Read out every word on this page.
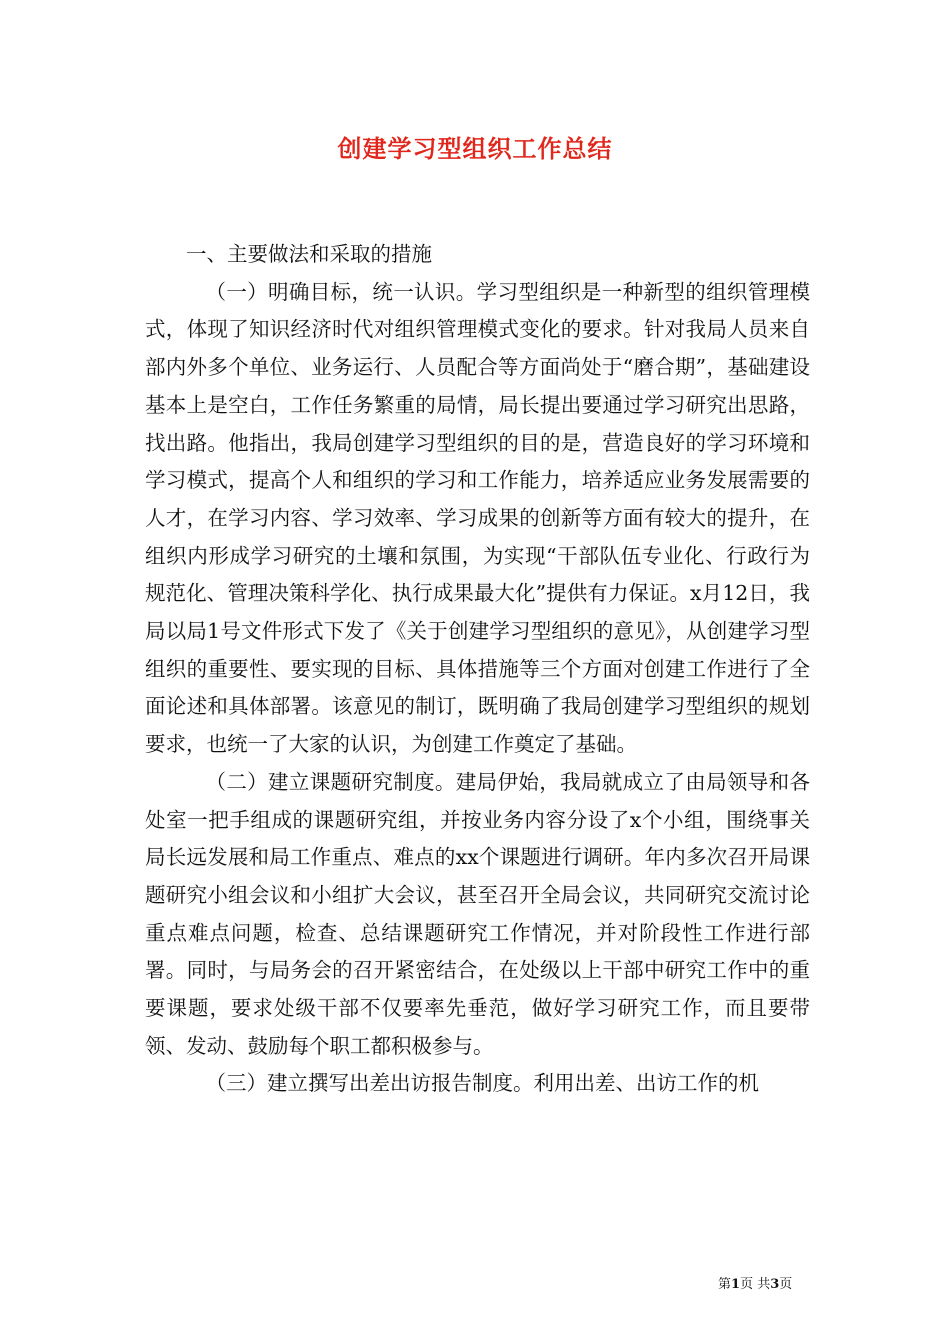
创建学习型组织工作总结

一、主要做法和采取的措施

（一）明确目标，统一认识。学习型组织是一种新型的组织管理模式，体现了知识经济时代对组织管理模式变化的要求。针对我局人员来自部内外多个单位、业务运行、人员配合等方面尚处于“磨合期”，基础建设基本上是空白，工作任务繁重的局情，局长提出要通过学习研究出思路，找出路。他指出，我局创建学习型组织的目的是，营造良好的学习环境和学习模式，提高个人和组织的学习和工作能力，培养适应业务发展需要的人才，在学习内容、学习效率、学习成果的创新等方面有较大的提升，在组织内形成学习研究的土壤和氛围，为实现“干部队伍专业化、行政行为规范化、管理决策科学化、执行成果最大化”提供有力保证。x月12日，我局以局1号文件形式下发了《关于创建学习型组织的意见》，从创建学习型组织的重要性、要实现的目标、具体措施等三个方面对创建工作进行了全面论述和具体部署。该意见的制订，既明确了我局创建学习型组织的规划要求，也统一了大家的认识，为创建工作奠定了基础。

（二）建立课题研究制度。建局伊始，我局就成立了由局领导和各处室一把手组成的课题研究组，并按业务内容分设了x个小组，围绕事关局长远发展和局工作重点、难点的xx个课题进行调研。年内多次召开局课题研究小组会议和小组扩大会议，甚至召开全局会议，共同研究交流讨论重点难点问题，检查、总结课题研究工作情况，并对阶段性工作进行部署。同时，与局务会的召开紧密结合，在处级以上干部中研究工作中的重要课题，要求处级干部不仅要率先垂范，做好学习研究工作，而且要带领、发动、鼓励每个职工都积极参与。

（三）建立撰写出差出访报告制度。利用出差、出访工作的机

第1页 共3页
